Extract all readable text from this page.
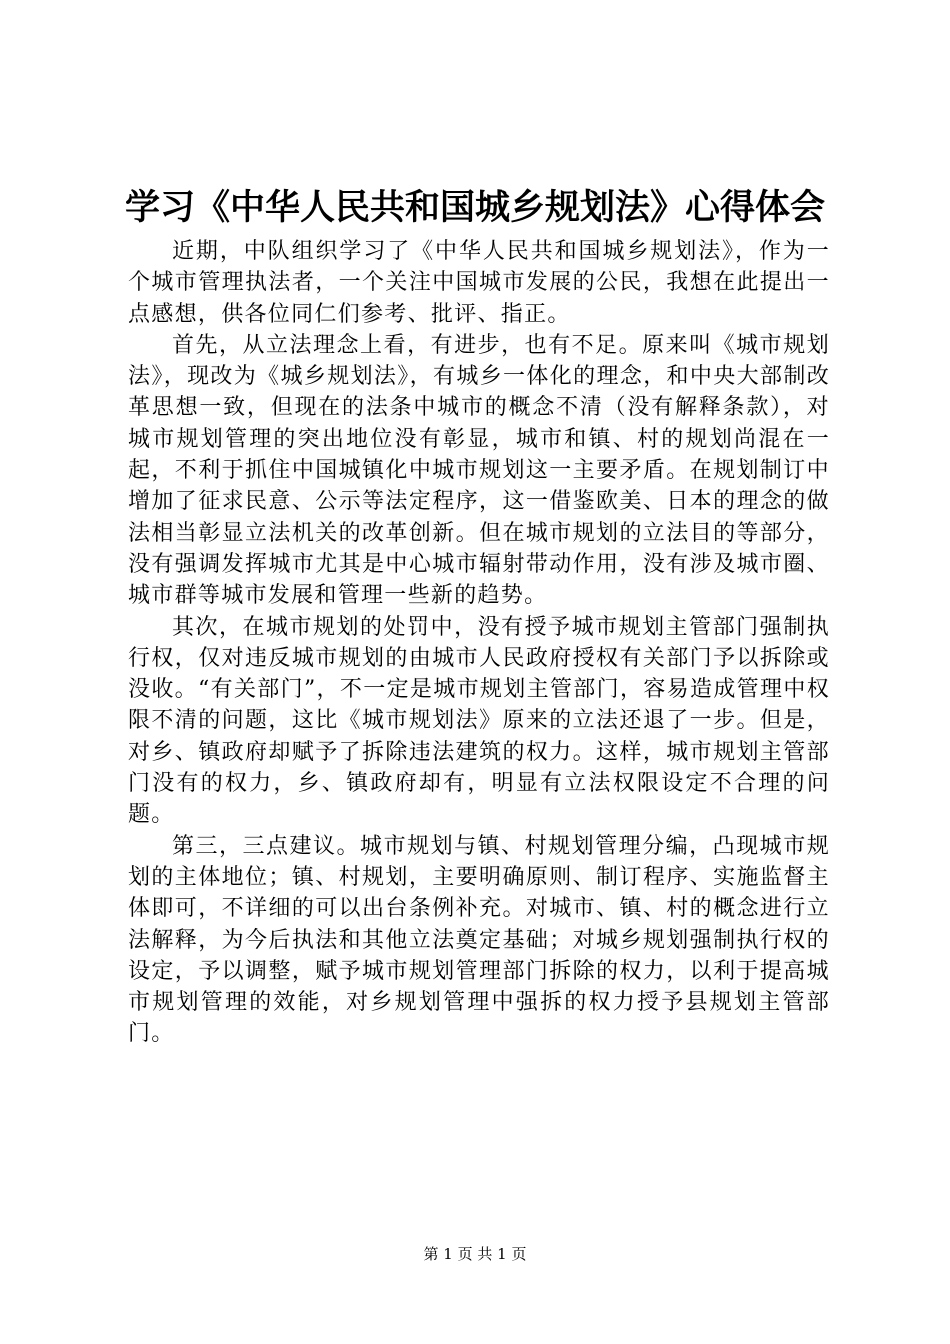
学习《中华人民共和国城乡规划法》心得体会

近期，中队组织学习了《中华人民共和国城乡规划法》，作为一个城市管理执法者，一个关注中国城市发展的公民，我想在此提出一点感想，供各位同仁们参考、批评、指正。

首先，从立法理念上看，有进步，也有不足。原来叫《城市规划法》，现改为《城乡规划法》，有城乡一体化的理念，和中央大部制改革思想一致，但现在的法条中城市的概念不清（没有解释条款），对城市规划管理的突出地位没有彰显，城市和镇、村的规划尚混在一起，不利于抓住中国城镇化中城市规划这一主要矛盾。在规划制订中增加了征求民意、公示等法定程序，这一借鉴欧美、日本的理念的做法相当彰显立法机关的改革创新。但在城市规划的立法目的等部分，没有强调发挥城市尤其是中心城市辐射带动作用，没有涉及城市圈、城市群等城市发展和管理一些新的趋势。

其次，在城市规划的处罚中，没有授予城市规划主管部门强制执行权，仅对违反城市规划的由城市人民政府授权有关部门予以拆除或没收。“有关部门”，不一定是城市规划主管部门，容易造成管理中权限不清的问题，这比《城市规划法》原来的立法还退了一步。但是，对乡、镇政府却赋予了拆除违法建筑的权力。这样，城市规划主管部门没有的权力，乡、镇政府却有，明显有立法权限设定不合理的问题。

第三，三点建议。城市规划与镇、村规划管理分编，凸现城市规划的主体地位；镇、村规划，主要明确原则、制订程序、实施监督主体即可，不详细的可以出台条例补充。对城市、镇、村的概念进行立法解释，为今后执法和其他立法奠定基础；对城乡规划强制执行权的设定，予以调整，赋予城市规划管理部门拆除的权力，以利于提高城市规划管理的效能，对乡规划管理中强拆的权力授予县规划主管部门。

第 1 页 共 1 页
